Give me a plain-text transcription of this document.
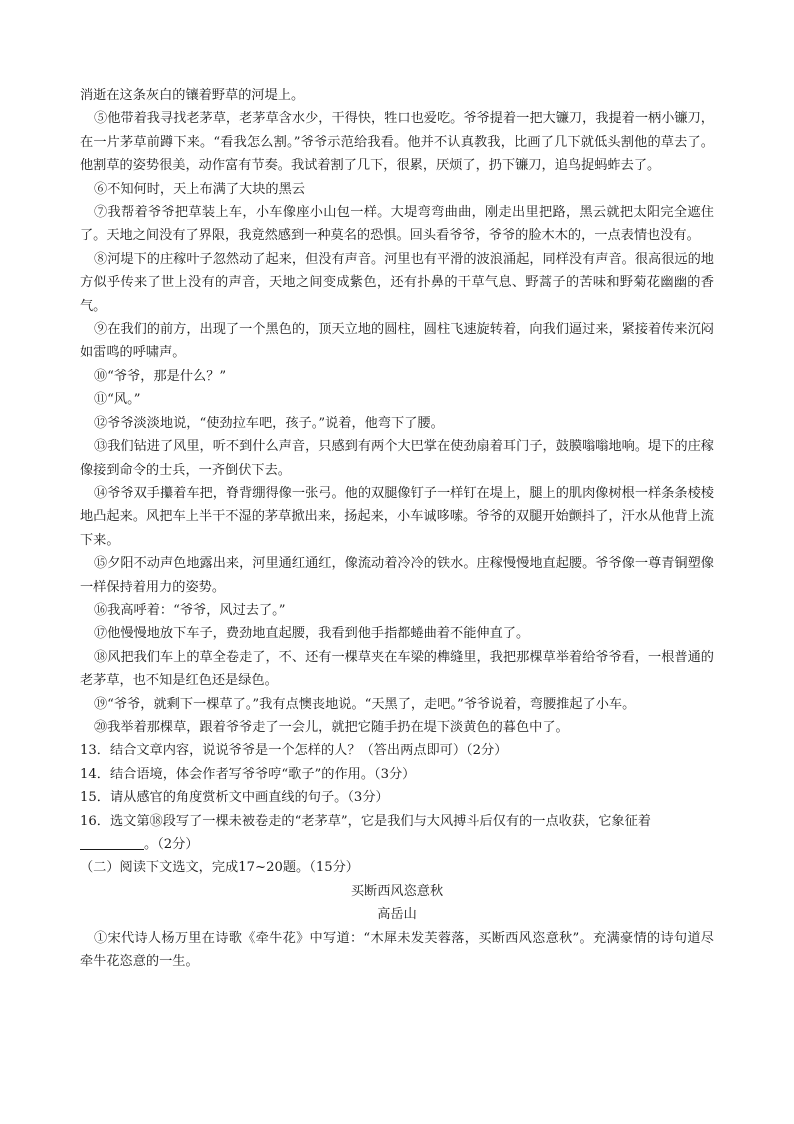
消逝在这条灰白的镶着野草的河堤上。

⑤他带着我寻找老茅草，老茅草含水少，干得快，牲口也爱吃。爷爷提着一把大镰刀，我提着一柄小镰刀，在一片茅草前蹲下来。“看我怎么割。”爷爷示范给我看。他并不认真教我，比画了几下就低头割他的草去了。他割草的姿势很美，动作富有节奏。我试着割了几下，很累，厌烦了，扔下镰刀，追鸟捉蚂蚱去了。

⑥不知何时，天上布满了大块的黑云

⑦我帮着爷爷把草装上车，小车像座小山包一样。大堤弯弯曲曲，刚走出里把路，黑云就把太阳完全遮住了。天地之间没有了界限，我竟然感到一种莫名的恐惧。回头看爷爷，爷爷的脸木木的，一点表情也没有。

⑧河堤下的庄稼叶子忽然动了起来，但没有声音。河里也有平滑的波浪涌起，同样没有声音。很高很远的地方似乎传来了世上没有的声音，天地之间变成紫色，还有扑鼻的干草气息、野蒿子的苦味和野菊花幽幽的香气。

⑨在我们的前方，出现了一个黑色的，顶天立地的圆柱，圆柱飞速旋转着，向我们逼过来，紧接着传来沉闷如雷鸣的呼啸声。

⑩“爷爷，那是什么？”

⑪“风。”

⑫爷爷淡淡地说，“使劲拉车吧，孩子。”说着，他弯下了腰。

⑬我们钻进了风里，听不到什么声音，只感到有两个大巴掌在使劲扇着耳门子，鼓膜嗡嗡地响。堤下的庄稼像接到命令的士兵，一齐倒伏下去。

⑭爷爷双手攥着车把，脊背绷得像一张弓。他的双腿像钉子一样钉在堤上，腿上的肌肉像树根一样条条棱棱地凸起来。风把车上半干不湿的茅草掀出来，扬起来，小车诚哆嗦。爷爷的双腿开始颤抖了，汗水从他背上流下来。

⑮夕阳不动声色地露出来，河里通红通红，像流动着冷冷的铁水。庄稼慢慢地直起腰。爷爷像一尊青铜塑像一样保持着用力的姿势。

⑯我高呼着：“爷爷，风过去了。”

⑰他慢慢地放下车子，费劲地直起腰，我看到他手指都蜷曲着不能伸直了。

⑱风把我们车上的草全卷走了，不、还有一棵草夹在车梁的榫缝里，我把那棵草举着给爷爷看，一根普通的老茅草，也不知是红色还是绿色。

⑲“爷爷，就剩下一棵草了。”我有点懊丧地说。“天黑了，走吧。”爷爷说着，弯腰推起了小车。

⑳我举着那棵草，跟着爷爷走了一会儿，就把它随手扔在堤下淡黄色的暮色中了。

13．结合文章内容，说说爷爷是一个怎样的人？（答出两点即可）（2分）

14．结合语境，体会作者写爷爷哼“歌子”的作用。（3分）

15．请从感官的角度赏析文中画直线的句子。（3分）

16．选文第⑱段写了一棵未被卷走的“老茅草”，它是我们与大风搏斗后仅有的一点收获，它象征着。（2分）

（二）阅读下文选文，完成17~20题。（15分）

买断西风恣意秋

高岳山

①宋代诗人杨万里在诗歌《牵牛花》中写道：“木犀未发芙蓉落，买断西风恣意秋”。充满豪情的诗句道尽牵牛花恣意的一生。
